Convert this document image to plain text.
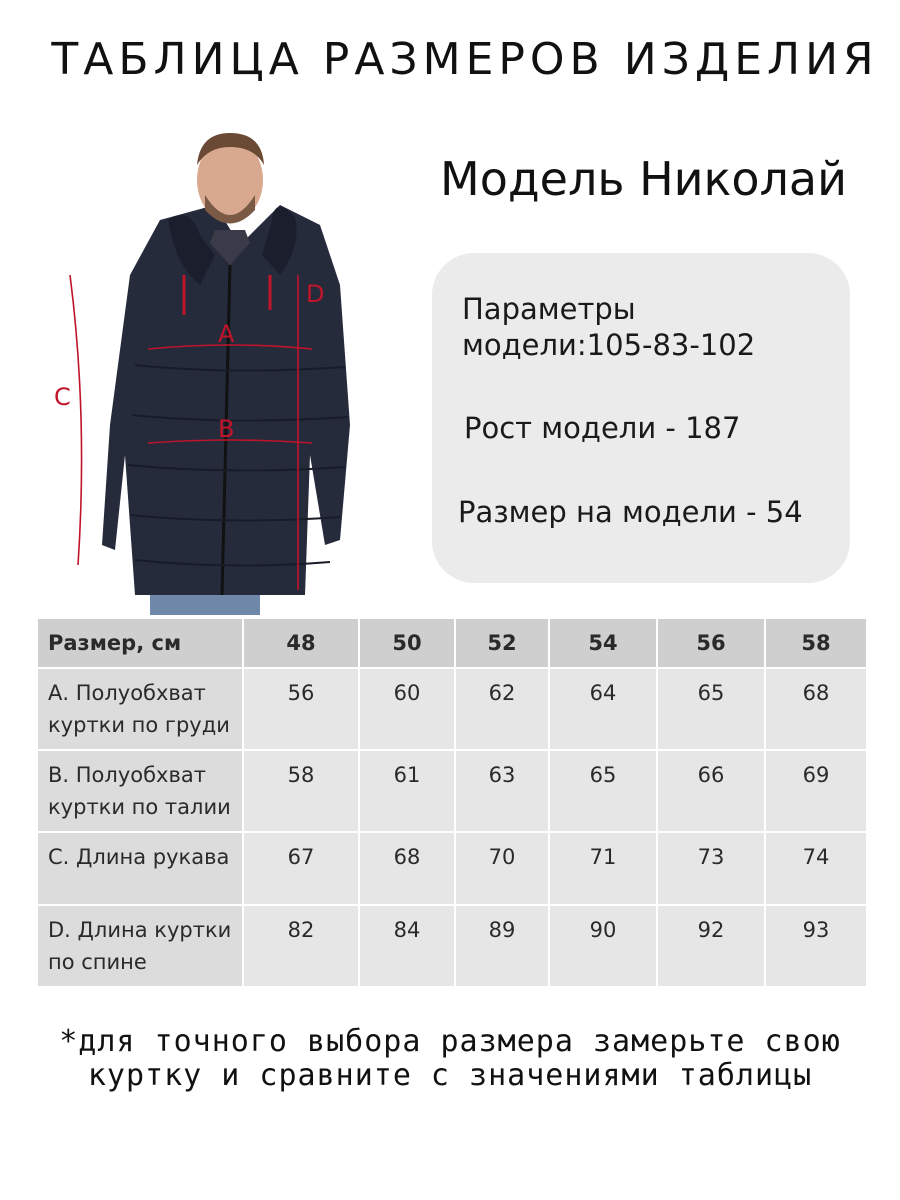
ТАБЛИЦА РАЗМЕРОВ ИЗДЕЛИЯ
A
B
C
D
Модель Николай
Параметры
модели:105-83-102
Рост модели - 187
Размер на модели - 54
Размер, см	48	50	52	54	56	58
А. Полуобхват
куртки по груди	56	60	62	64	65	68
В. Полуобхват
куртки по талии	58	61	63	65	66	69
С. Длина рукава	67	68	70	71	73	74
D. Длина куртки
по спине	82	84	89	90	92	93
*для точного выбора размера замерьте свою
куртку и сравните с значениями таблицы
